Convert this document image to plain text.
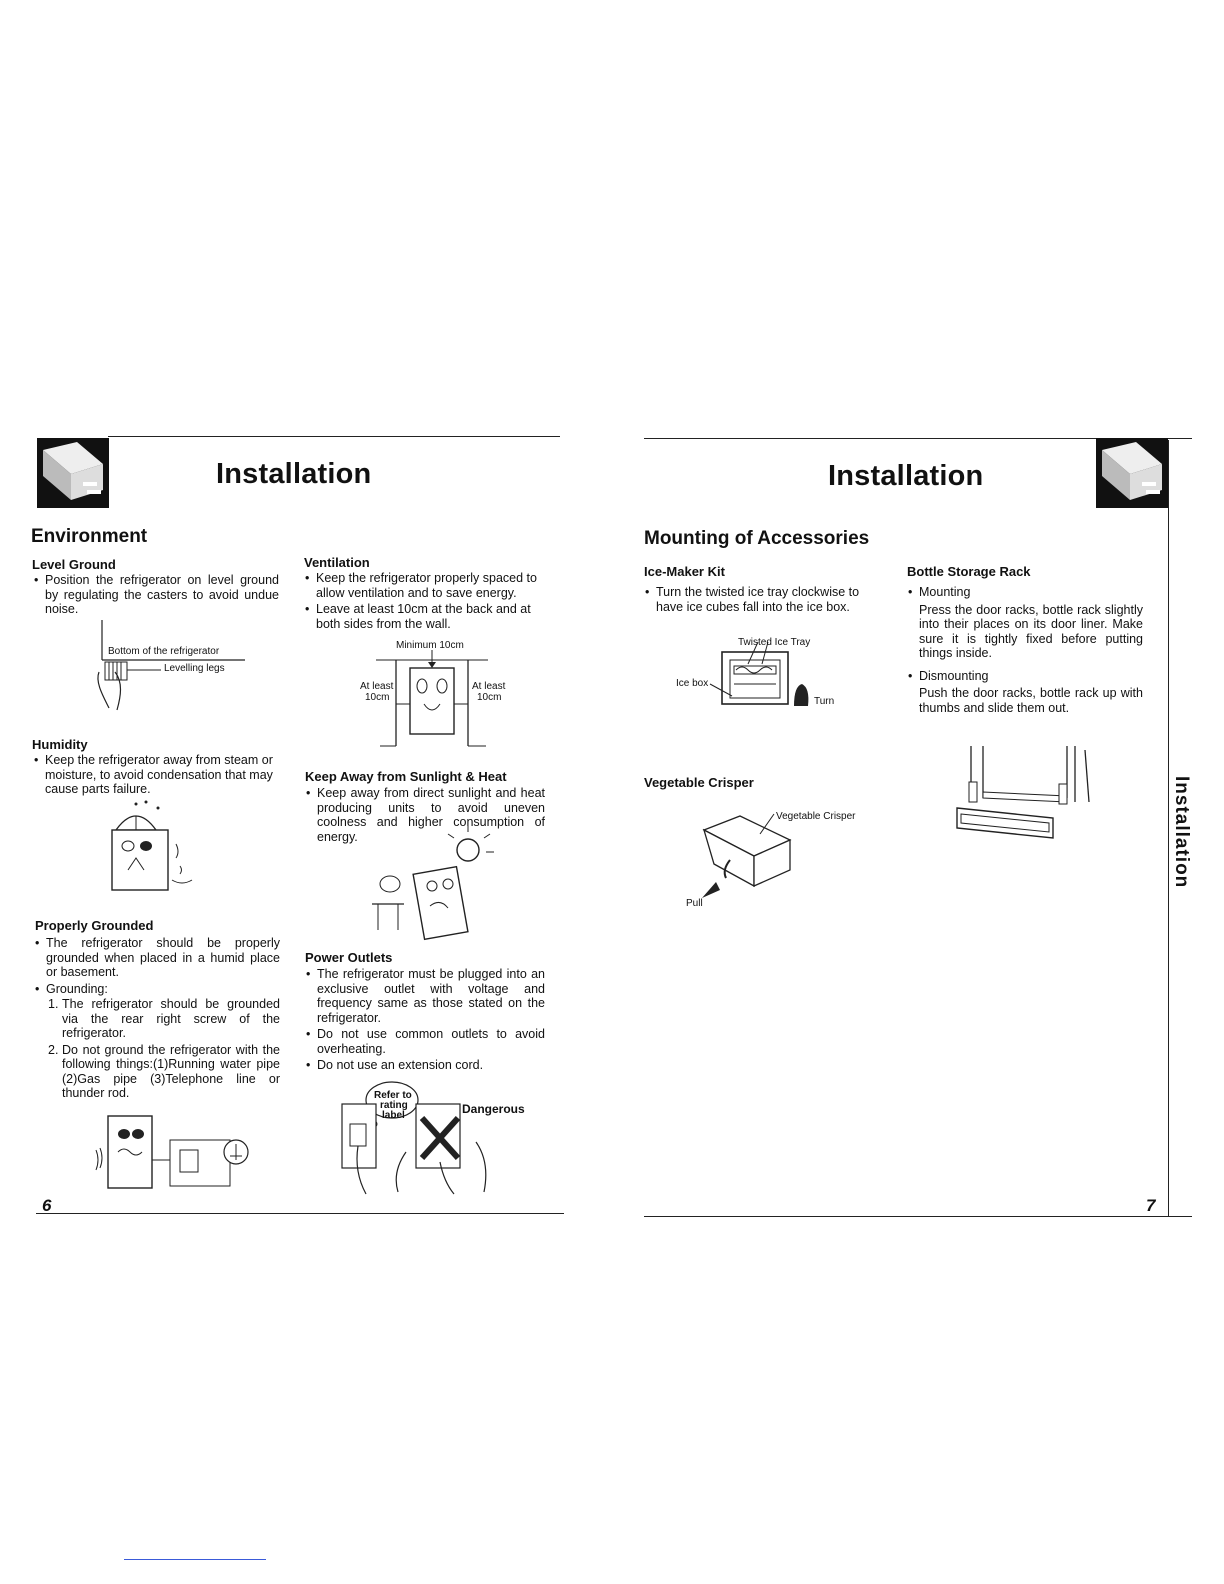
Installation
Environment
Level Ground
• Position the refrigerator on level ground by regulating the casters to avoid undue noise.
Bottom of the refrigerator
Levelling legs
Humidity
• Keep the refrigerator away from steam or moisture, to avoid condensation that may cause parts failure.
Properly Grounded
• The refrigerator should be properly grounded when placed in a humid place or basement.
• Grounding:
1. The refrigerator should be grounded via the rear right screw of the refrigerator.
2. Do not ground the refrigerator with the following things:(1)Running water pipe (2)Gas pipe (3)Telephone line or thunder rod.
6
Ventilation
• Keep the refrigerator properly spaced to allow ventilation and to save energy.
• Leave at least 10cm at the back and at both sides from the wall.
Minimum 10cm
At least
10cm
At least
10cm
Keep Away from Sunlight & Heat
• Keep away from direct sunlight and heat producing units to avoid uneven coolness and higher consumption of energy.
Power Outlets
• The refrigerator must be plugged into an exclusive outlet with voltage and frequency same as those stated on the refrigerator.
• Do not use common outlets to avoid overheating.
• Do not use an extension cord.
Refer to
rating
label	Dangerous
Installation
Installation
Mounting of Accessories
Ice-Maker Kit
• Turn the twisted ice tray clockwise to have ice cubes fall into the ice box.
Twisted Ice Tray
Ice box
Turn
Vegetable Crisper
Vegetable Crisper
Pull
Bottle Storage Rack
• Mounting
Press the door racks, bottle rack slightly into their places on its door liner. Make sure it is tightly fixed before putting things inside.
• Dismounting
Push the door racks, bottle rack up with thumbs and slide them out.
7
